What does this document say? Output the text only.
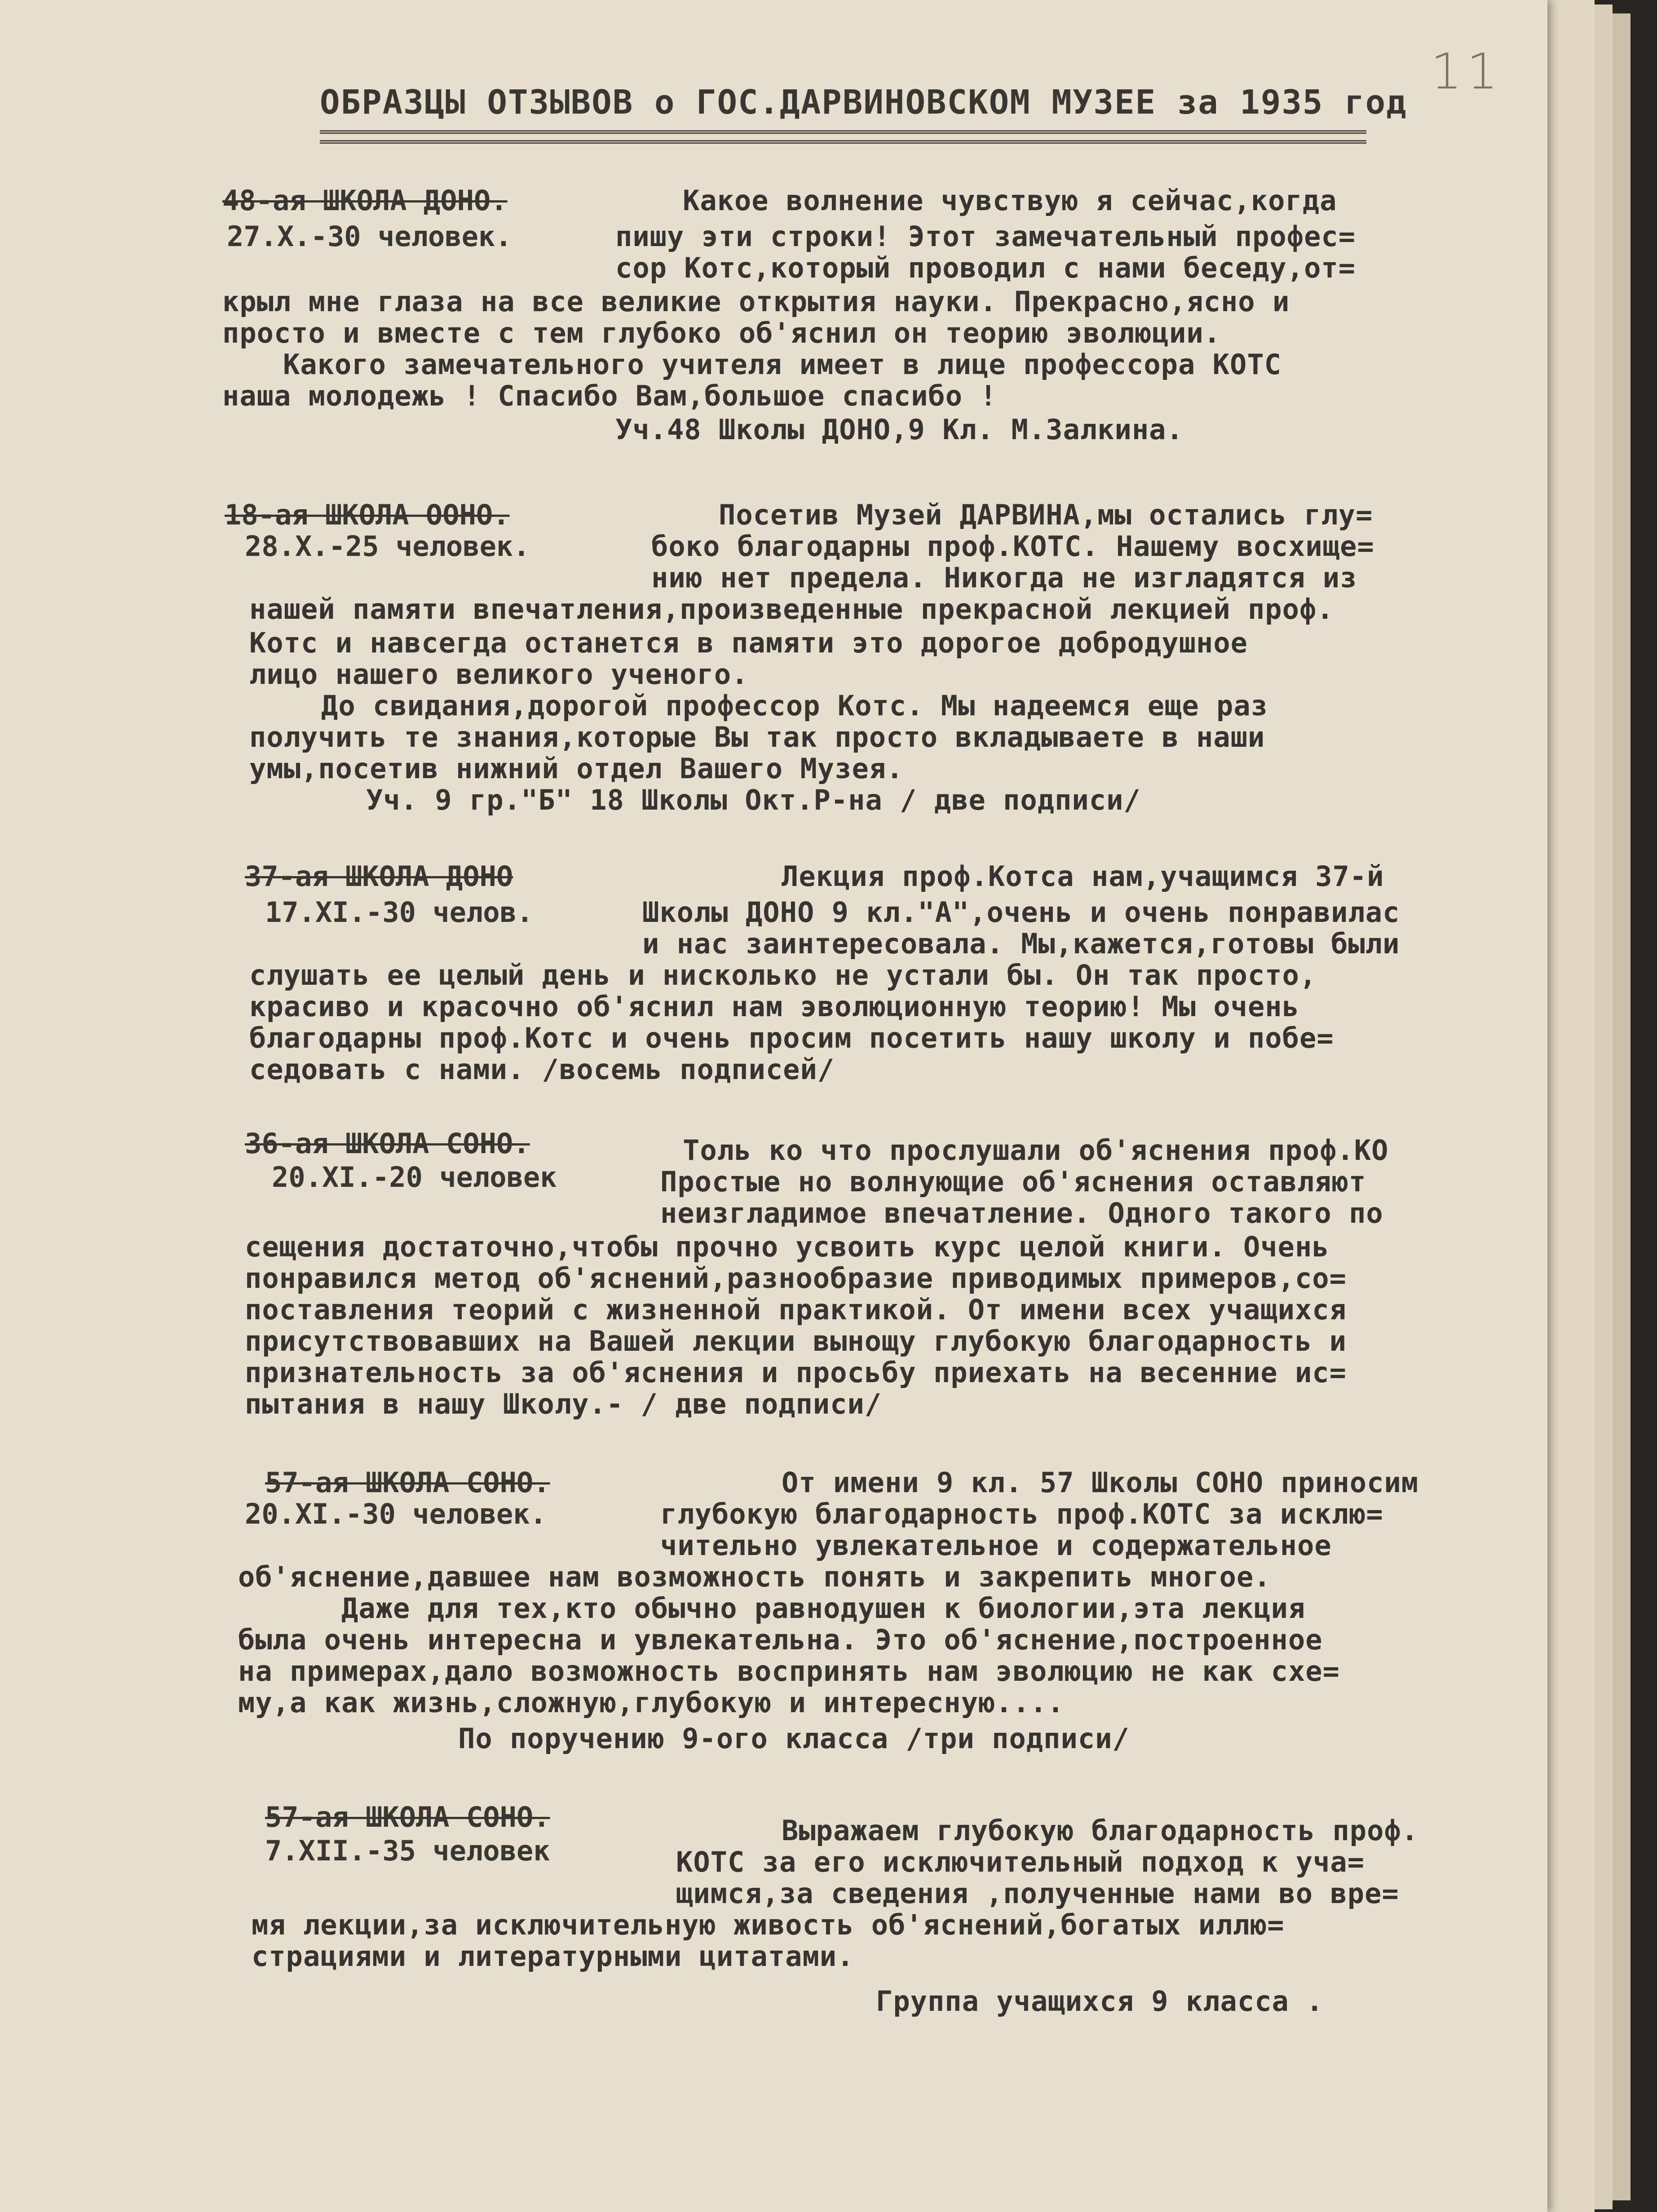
11
ОБРАЗЦЫ ОТЗЫВОВ о ГОС.ДАРВИНОВСКОМ МУЗЕЕ за 1935 год
48-ая ШКОЛА ДОНО.
27.X.-30 человек.
Какое волнение чувствую я сейчас,когда
пишу эти строки! Этот замечательный профес=
сор Котс,который проводил с нами беседу,от=
крыл мне глаза на все великие открытия науки. Прекрасно,ясно и
просто и вместе с тем глубоко об'яснил он теорию эволюции.
Какого замечательного учителя имеет в лице профессора КОТС
наша молодежь ! Спасибо Вам,большое спасибо !
Уч.48 Школы ДОНО,9 Кл. М.Залкина.
18-ая ШКОЛА ООНО.
28.X.-25 человек.
Посетив Музей ДАРВИНА,мы остались глу=
боко благодарны проф.КОТС. Нашему восхище=
нию нет предела. Никогда не изгладятся из
нашей памяти впечатления,произведенные прекрасной лекцией проф.
Котс и навсегда останется в памяти это дорогое добродушное
лицо нашего великого ученого.
До свидания,дорогой профессор Котс. Мы надеемся еще раз
получить те знания,которые Вы так просто вкладываете в наши
умы,посетив нижний отдел Вашего Музея.
Уч. 9 гр."Б" 18 Школы Окт.Р-на / две подписи/
37-ая ШКОЛА ДОНО
17.XI.-30 челов.
Лекция проф.Котса нам,учащимся 37-й
Школы ДОНО 9 кл."А",очень и очень понравилас
и нас заинтересовала. Мы,кажется,готовы были
слушать ее целый день и нисколько не устали бы. Он так просто,
красиво и красочно об'яснил нам эволюционную теорию! Мы очень
благодарны проф.Котс и очень просим посетить нашу школу и побе=
седовать с нами. /восемь подписей/
36-ая ШКОЛА СОНО.
20.XI.-20 человек
Толь ко что прослушали об'яснения проф.КО
Простые но волнующие об'яснения оставляют
неизгладимое впечатление. Одного такого по
сещения достаточно,чтобы прочно усвоить курс целой книги. Очень
понравился метод об'яснений,разнообразие приводимых примеров,со=
поставления теорий с жизненной практикой. От имени всех учащихся
присутствовавших на Вашей лекции вынощу глубокую благодарность и
признательность за об'яснения и просьбу приехать на весенние ис=
пытания в нашу Школу.- / две подписи/
57-ая ШКОЛА СОНО.
20.XI.-30 человек.
От имени 9 кл. 57 Школы СОНО приносим
глубокую благодарность проф.КОТС за исклю=
чительно увлекательное и содержательное
об'яснение,давшее нам возможность понять и закрепить многое.
Даже для тех,кто обычно равнодушен к биологии,эта лекция
была очень интересна и увлекательна. Это об'яснение,построенное
на примерах,дало возможность воспринять нам эволюцию не как схе=
му,а как жизнь,сложную,глубокую и интересную....
По поручению 9-ого класса /три подписи/
57-ая ШКОЛА СОНО.
7.XII.-35 человек
Выражаем глубокую благодарность проф.
КОТС за его исключительный подход к уча=
щимся,за сведения ,полученные нами во вре=
мя лекции,за исключительную живость об'яснений,богатых иллю=
страциями и литературными цитатами.
Группа учащихся 9 класса .
